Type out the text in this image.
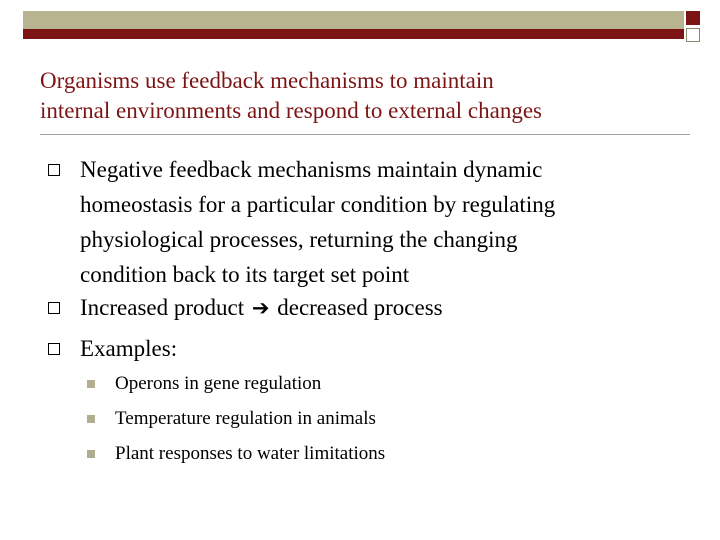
Organisms use feedback mechanisms to maintain
internal environments and respond to external changes
Negative feedback mechanisms maintain dynamic
homeostasis for a particular condition by regulating
physiological processes, returning the changing
condition back to its target set point
Increased product ➔ decreased process
Examples:
Operons in gene regulation
Temperature regulation in animals
Plant responses to water limitations
